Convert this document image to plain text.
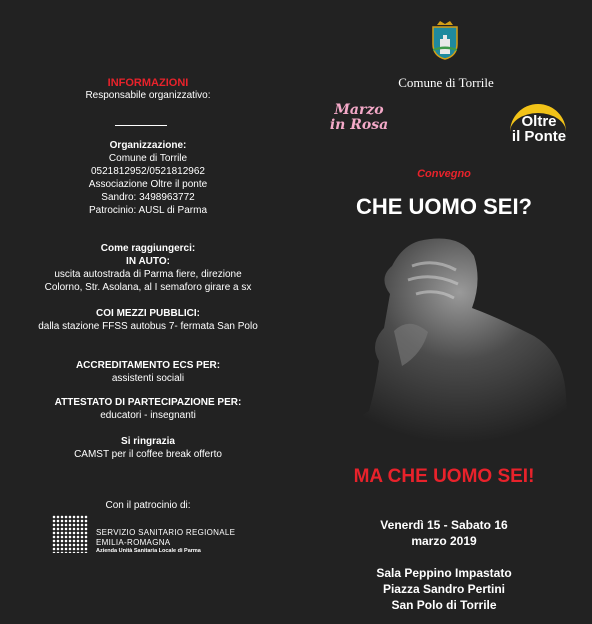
INFORMAZIONI
Responsabile organizzativo:
Organizzazione:
Comune di Torrile
0521812952/0521812962
Associazione Oltre il ponte
Sandro: 3498963772
Patrocinio: AUSL di Parma
Come raggiungerci:
IN AUTO:
uscita autostrada di Parma fiere, direzione
Colorno, Str. Asolana, al I semaforo girare a sx
COI MEZZI PUBBLICI:
dalla stazione FFSS autobus 7- fermata San Polo
ACCREDITAMENTO ECS PER:
assistenti sociali
ATTESTATO DI PARTECIPAZIONE PER:
educatori - insegnanti
Si ringrazia
CAMST per il coffee break offerto
Con il patrocinio di:
SERVIZIO SANITARIO REGIONALE
EMILIA-ROMAGNA
Azienda Unità Sanitaria Locale di Parma
Comune di Torrile
Marzo
in Rosa	Oltre
il Ponte
Convegno
CHE UOMO SEI?
MA CHE UOMO SEI!
Venerdì 15 - Sabato 16
marzo 2019
Sala Peppino Impastato
Piazza Sandro Pertini
San Polo di Torrile
